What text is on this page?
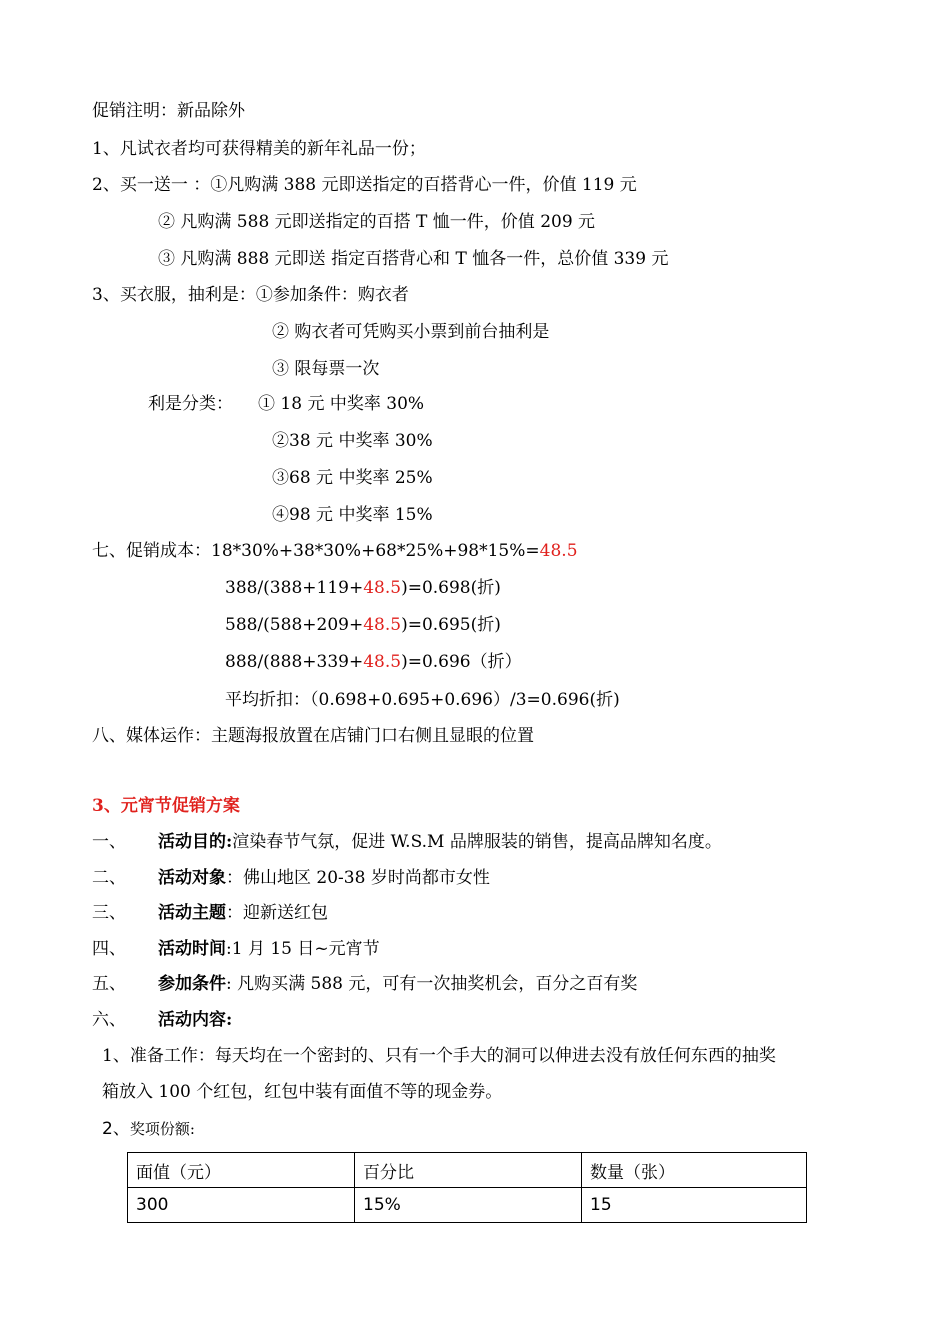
促销注明：新品除外
1、凡试衣者均可获得精美的新年礼品一份；
2、买一送一 ：①凡购满 388 元即送指定的百搭背心一件，价值 119 元
② 凡购满 588 元即送指定的百搭 T 恤一件，价值 209 元
③ 凡购满 888 元即送 指定百搭背心和 T 恤各一件，总价值 339 元
3、买衣服，抽利是：①参加条件：购衣者
② 购衣者可凭购买小票到前台抽利是
③ 限每票一次
利是分类： ① 18 元 中奖率 30%
②38 元 中奖率 30%
③68 元 中奖率 25%
④98 元 中奖率 15%
七、促销成本：18*30%+38*30%+68*25%+98*15%=48.5
388/(388+119+48.5)=0.698(折)
588/(588+209+48.5)=0.695(折)
888/(888+339+48.5)=0.696（折）
平均折扣：（0.698+0.695+0.696）/3=0.696(折)
八、媒体运作：主题海报放置在店铺门口右侧且显眼的位置
3、元宵节促销方案
一、 活动目的:渲染春节气氛，促进 W.S.M 品牌服装的销售，提高品牌知名度。
二、 活动对象：佛山地区 20-38 岁时尚都市女性
三、 活动主题：迎新送红包
四、 活动时间:1 月 15 日~元宵节
五、 参加条件: 凡购买满 588 元，可有一次抽奖机会，百分之百有奖
六、 活动内容:
1、准备工作：每天均在一个密封的、只有一个手大的洞可以伸进去没有放任何东西的抽奖
箱放入 100 个红包，红包中装有面值不等的现金券。
2、奖项份额:
面值（元）	百分比	数量（张）
300	15%	15
